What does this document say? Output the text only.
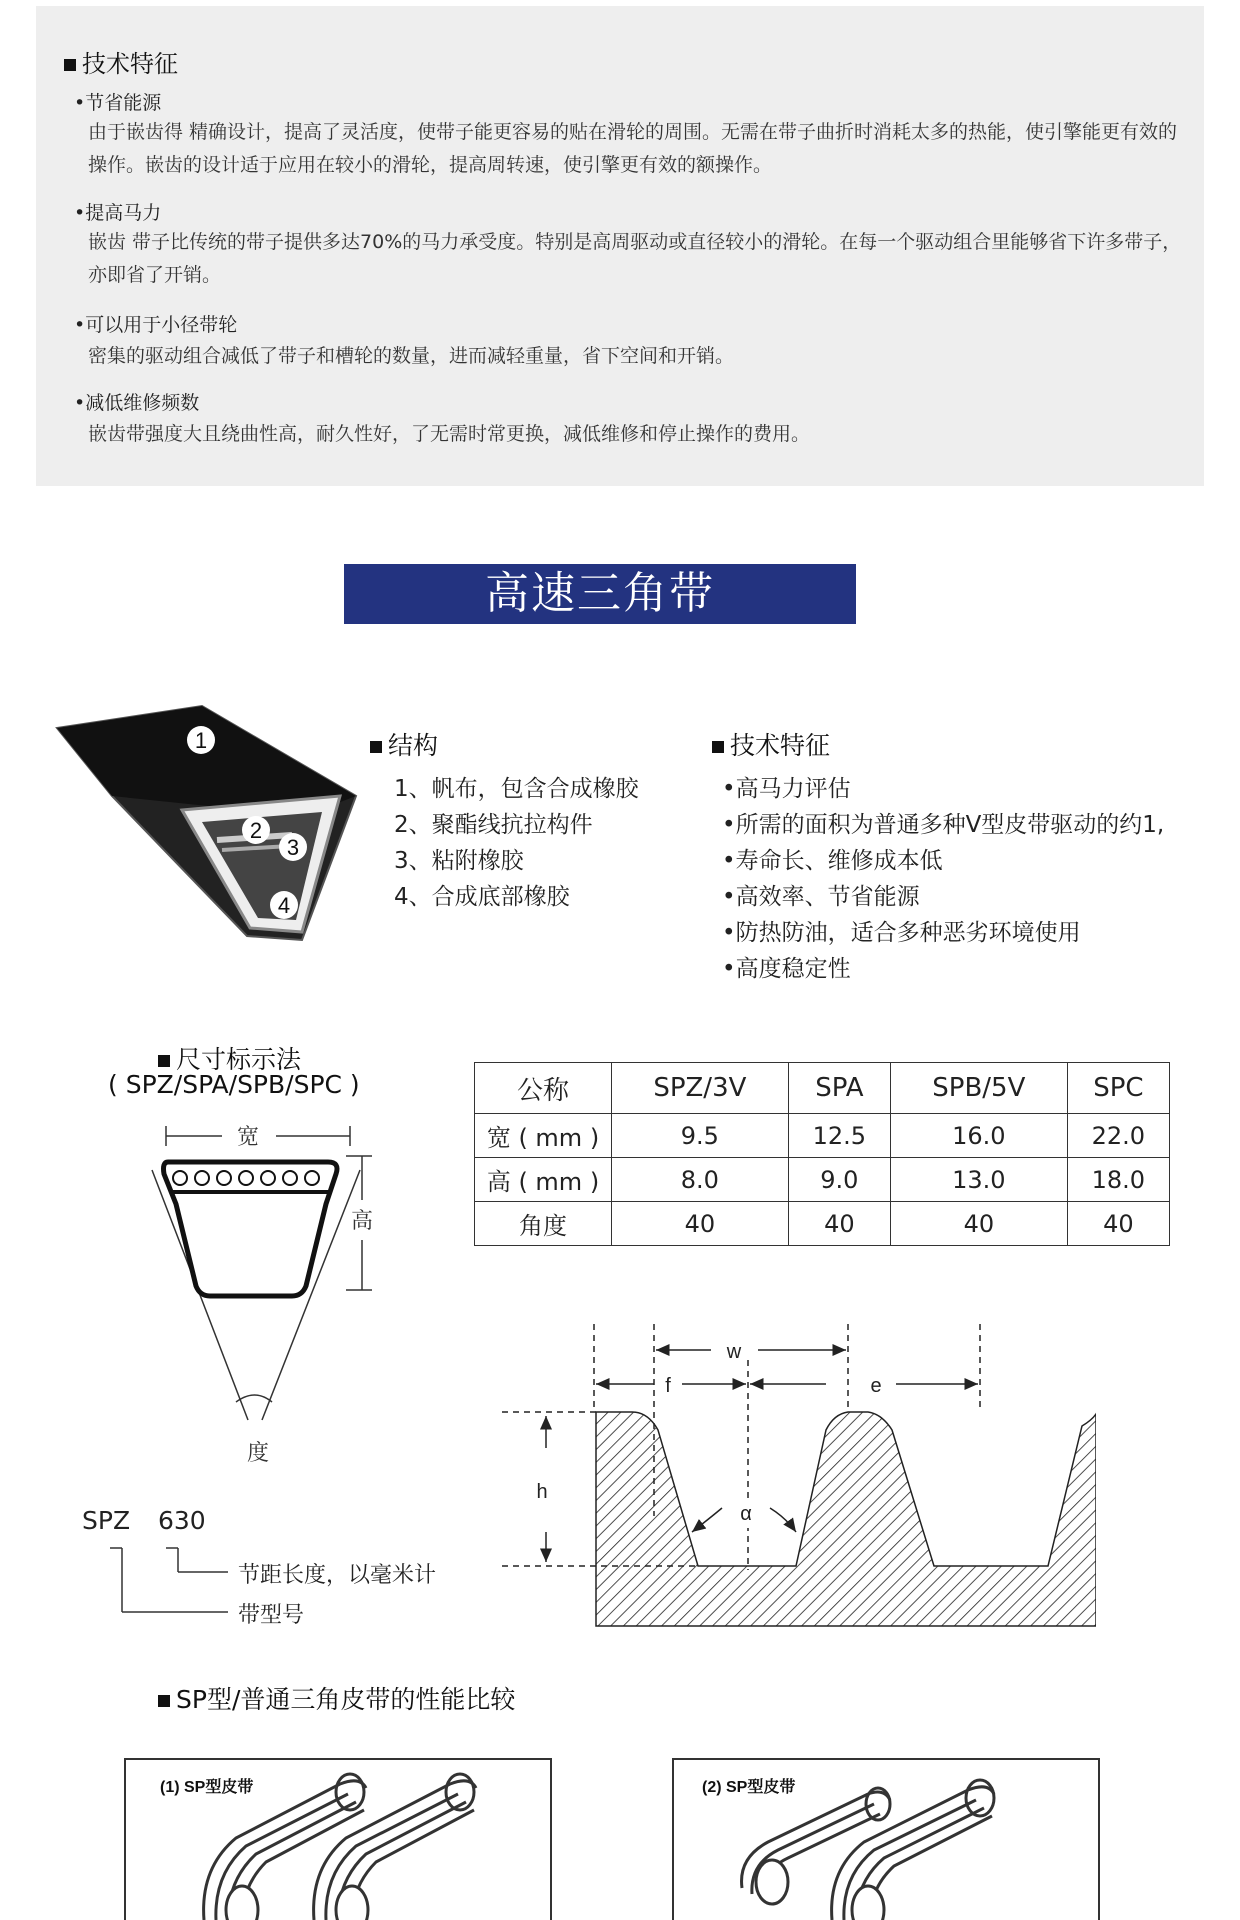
技术特征
•节省能源
由于嵌齿得 精确设计，提高了灵活度，使带子能更容易的贴在滑轮的周围。无需在带子曲折时消耗太多的热能，使引擎能更有效的操作。嵌齿的设计适于应用在较小的滑轮，提高周转速，使引擎更有效的额操作。
•提高马力
嵌齿 带子比传统的带子提供多达70%的马力承受度。特别是高周驱动或直径较小的滑轮。在每一个驱动组合里能够省下许多带子，亦即省了开销。
•可以用于小径带轮
密集的驱动组合减低了带子和槽轮的数量，进而减轻重量，省下空间和开销。
•减低维修频数
嵌齿带强度大且绕曲性高，耐久性好，了无需时常更换，减低维修和停止操作的费用。
高速三角带
1
2
3
4
结构
1、帆布，包含合成橡胶
2、聚酯线抗拉构件
3、粘附橡胶
4、合成底部橡胶
技术特征
•高马力评估
•所需的面积为普通多种V型皮带驱动的约1,
•寿命长、维修成本低
•高效率、节省能源
•防热防油，适合多种恶劣环境使用
•高度稳定性
尺寸标示法
( SPZ/SPA/SPB/SPC )
宽
高
度
SPZ 630
节距长度，以毫米计
带型号
公称	SPZ/3V	SPA	SPB/5V	SPC
宽 ( mm )	9.5	12.5	16.0	22.0
高 ( mm )	8.0	9.0	13.0	18.0
角度	40	40	40	40
w
f	e
h
α
SP型/普通三角皮带的性能比较
(1) SP型皮带	(2) SP型皮带
